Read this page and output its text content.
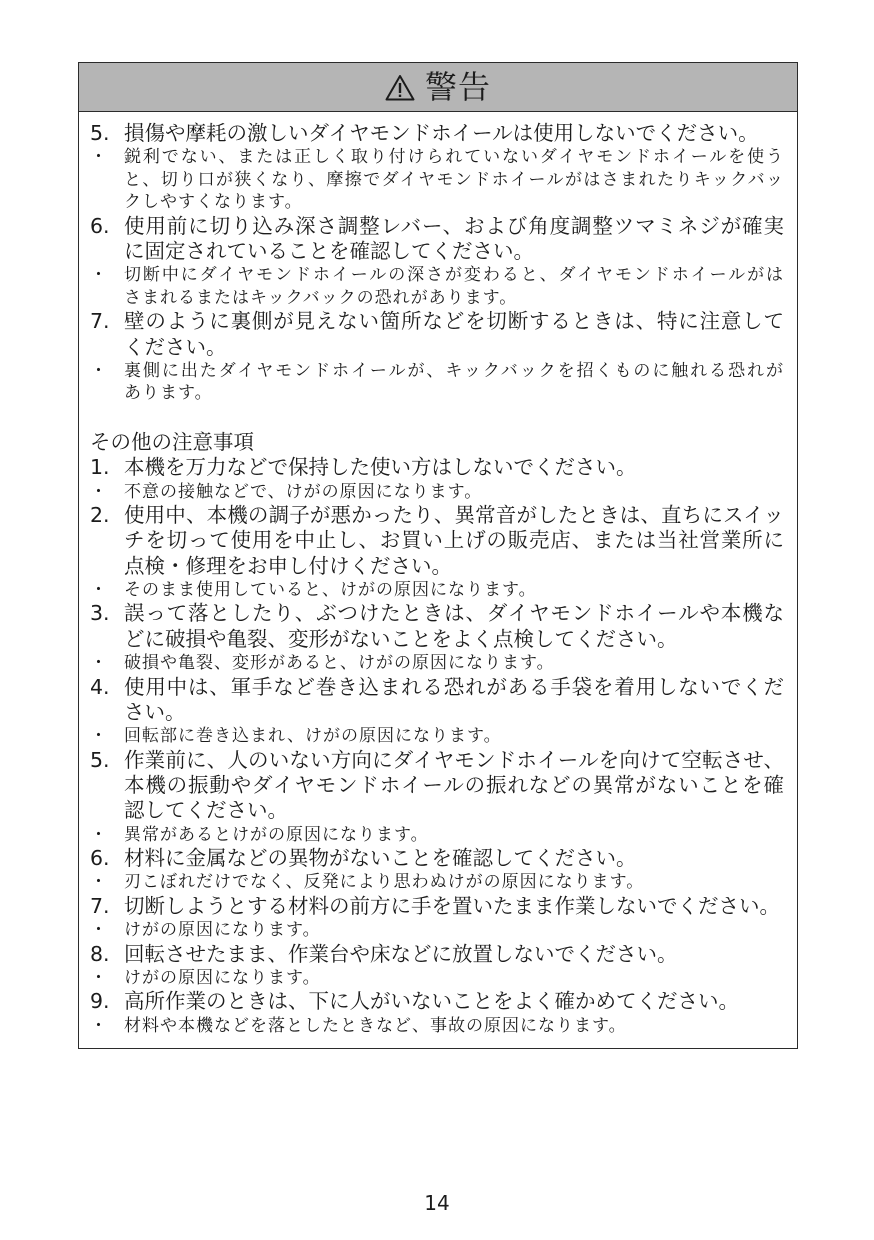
警告
5. 損傷や摩耗の激しいダイヤモンドホイールは使用しないでください。
・	鋭利でない、または正しく取り付けられていないダイヤモンドホイールを使う
と、切り口が狭くなり、摩擦でダイヤモンドホイールがはさまれたりキックバッ
クしやすくなります。
6. 使用前に切り込み深さ調整レバー、および角度調整ツマミネジが確実
に固定されていることを確認してください。
・	切断中にダイヤモンドホイールの深さが変わると、ダイヤモンドホイールがは
さまれるまたはキックバックの恐れがあります。
7. 壁のように裏側が見えない箇所などを切断するときは、特に注意して
ください。
・	裏側に出たダイヤモンドホイールが、キックバックを招くものに触れる恐れが
あります。
その他の注意事項
1. 本機を万力などで保持した使い方はしないでください。
・	不意の接触などで、けがの原因になります。
2. 使用中、本機の調子が悪かったり、異常音がしたときは、直ちにスイッ
チを切って使用を中止し、お買い上げの販売店、または当社営業所に
点検・修理をお申し付けください。
・	そのまま使用していると、けがの原因になります。
3. 誤って落としたり、ぶつけたときは、ダイヤモンドホイールや本機な
どに破損や亀裂、変形がないことをよく点検してください。
・	破損や亀裂、変形があると、けがの原因になります。
4. 使用中は、軍手など巻き込まれる恐れがある手袋を着用しないでくだ
さい。
・	回転部に巻き込まれ、けがの原因になります。
5. 作業前に、人のいない方向にダイヤモンドホイールを向けて空転させ、
本機の振動やダイヤモンドホイールの振れなどの異常がないことを確
認してください。
・	異常があるとけがの原因になります。
6. 材料に金属などの異物がないことを確認してください。
・	刃こぼれだけでなく、反発により思わぬけがの原因になります。
7. 切断しようとする材料の前方に手を置いたまま作業しないでください。
・	けがの原因になります。
8. 回転させたまま、作業台や床などに放置しないでください。
・	けがの原因になります。
9. 高所作業のときは、下に人がいないことをよく確かめてください。
・	材料や本機などを落としたときなど、事故の原因になります。
14
